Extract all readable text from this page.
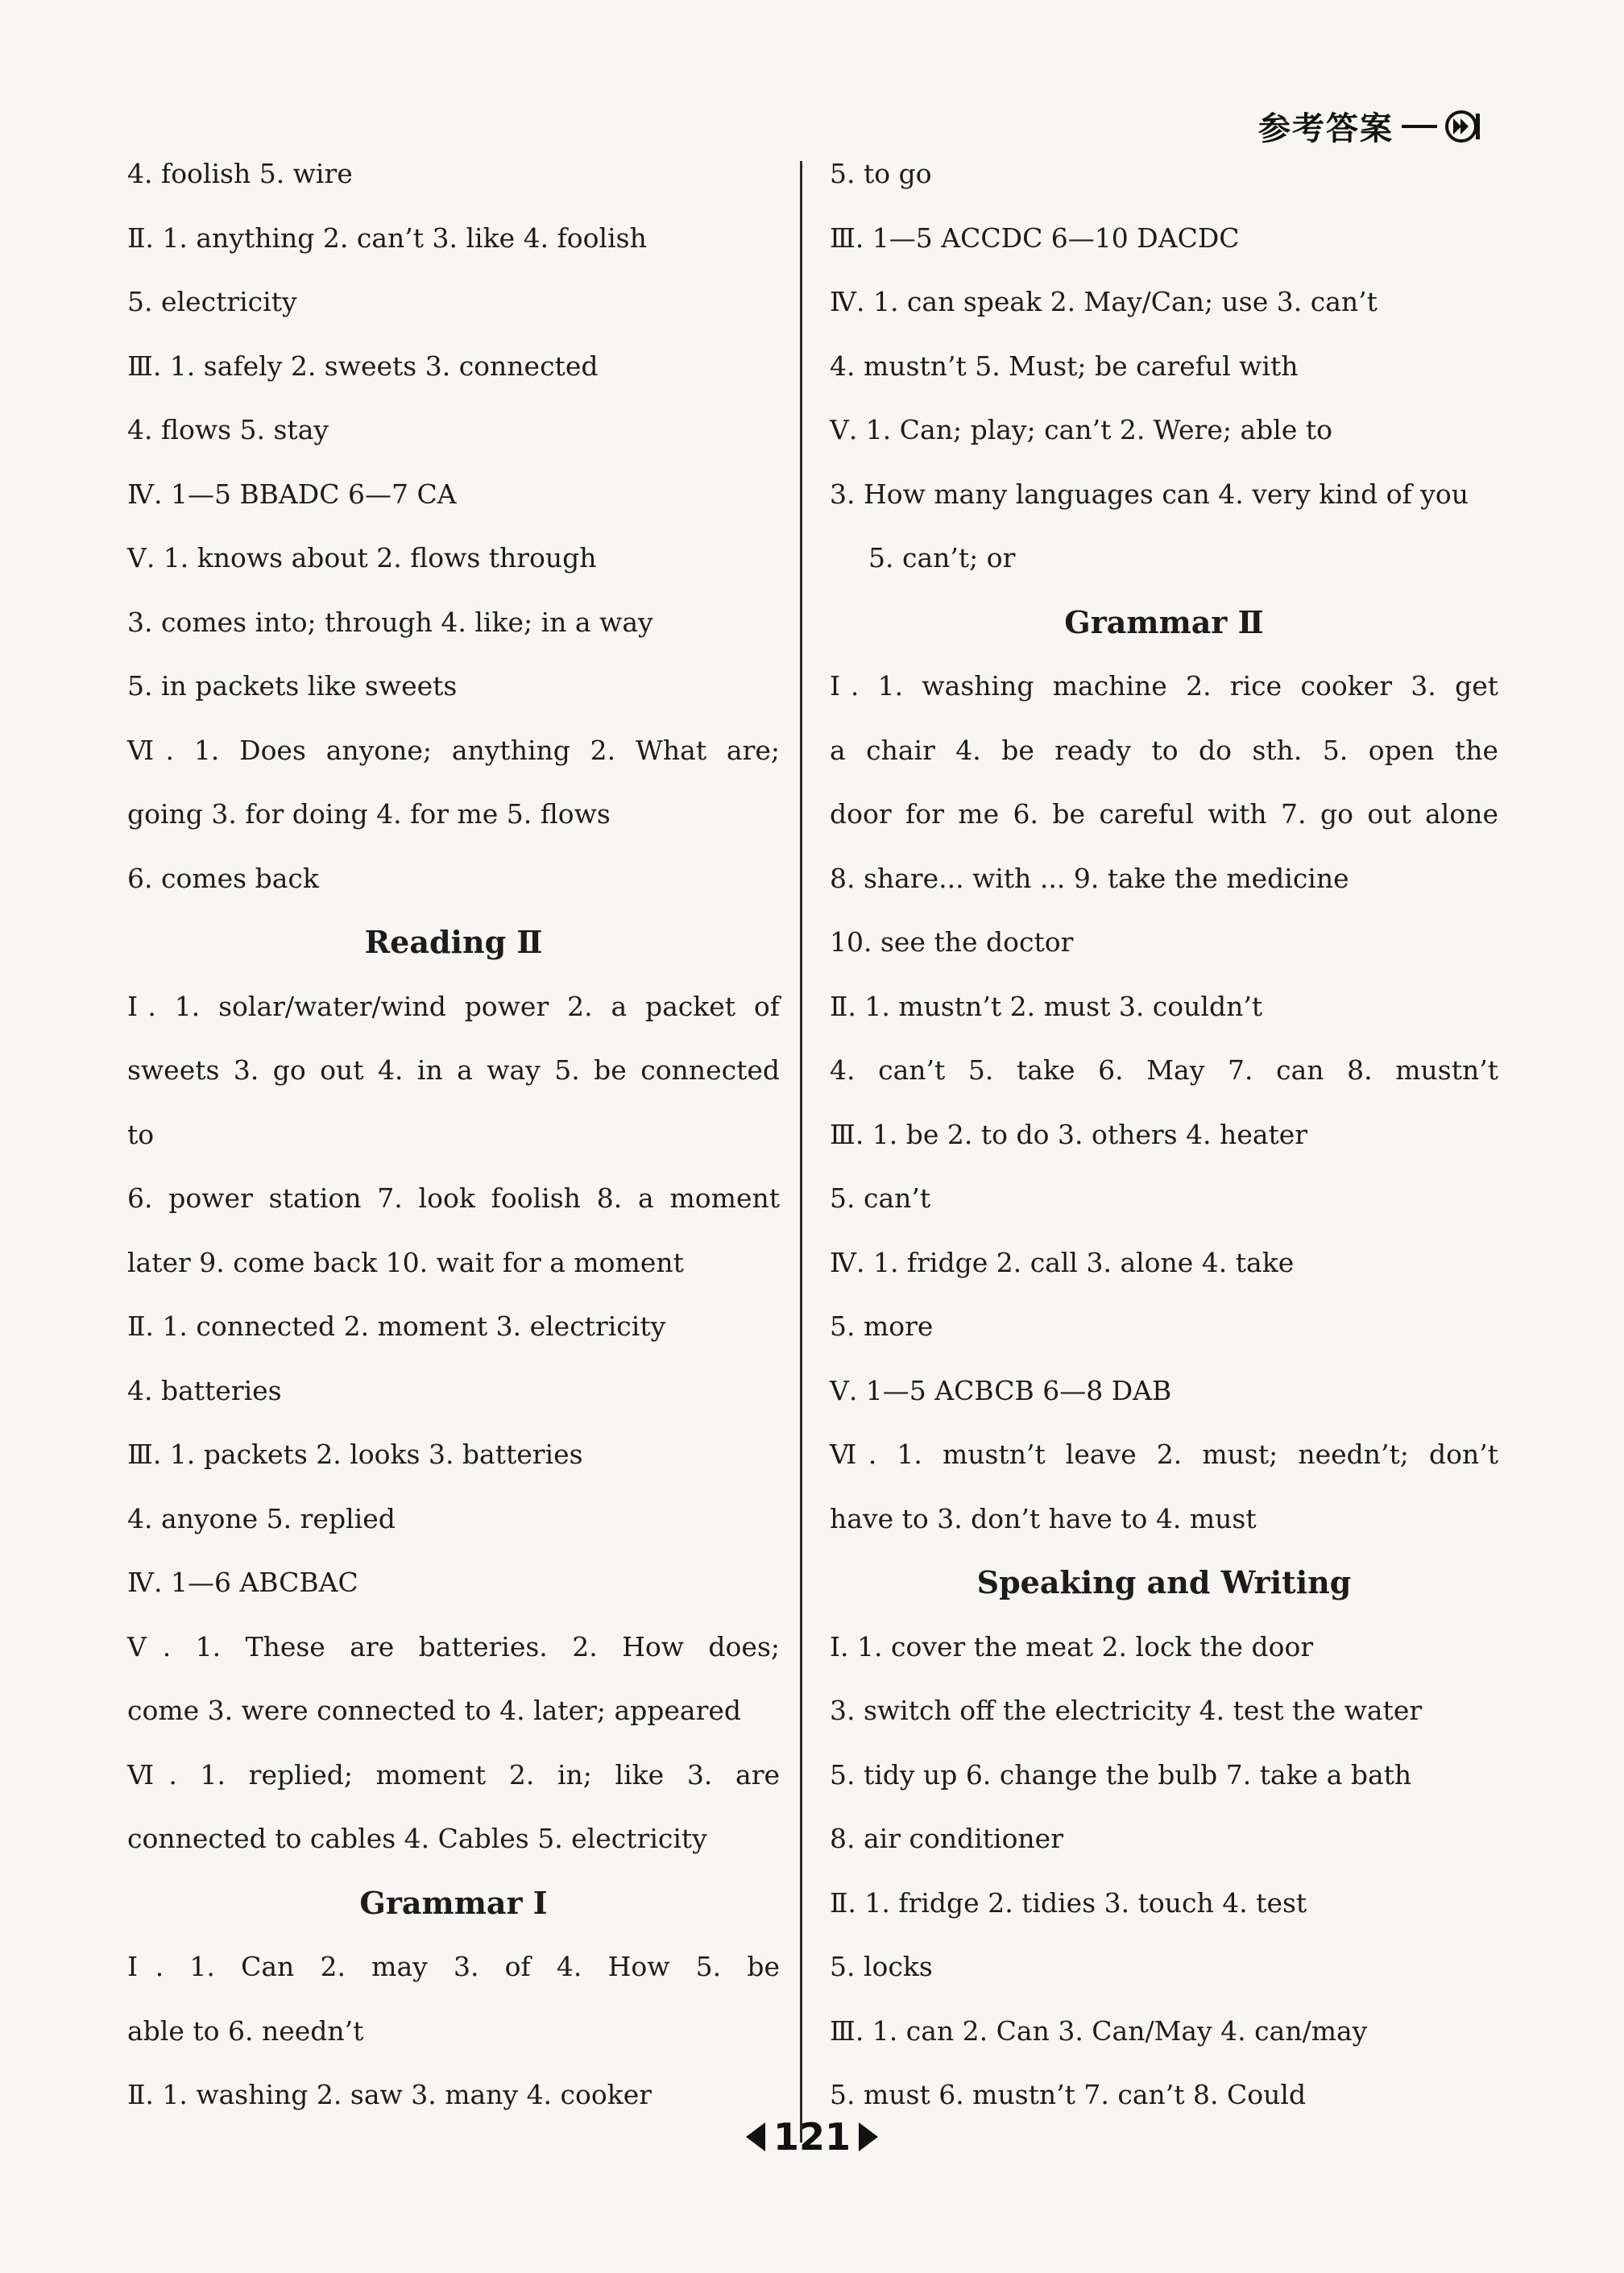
参考答案
4. foolish 5. wire
Ⅱ. 1. anything 2. can’t 3. like 4. foolish
5. electricity
Ⅲ. 1. safely 2. sweets 3. connected
4. flows 5. stay
Ⅳ. 1—5 BBADC 6—7 CA
Ⅴ. 1. knows about 2. flows through
3. comes into; through 4. like; in a way
5. in packets like sweets
Ⅵ. 1. Does anyone; anything 2. What are;
going 3. for doing 4. for me 5. flows
6. comes back
Reading Ⅱ
Ⅰ. 1. solar/water/wind power 2. a packet of
sweets 3. go out 4. in a way 5. be connected
to
6. power station 7. look foolish 8. a moment
later 9. come back 10. wait for a moment
Ⅱ. 1. connected 2. moment 3. electricity
4. batteries
Ⅲ. 1. packets 2. looks 3. batteries
4. anyone 5. replied
Ⅳ. 1—6 ABCBAC
Ⅴ. 1. These are batteries. 2. How does;
come 3. were connected to 4. later; appeared
Ⅵ. 1. replied; moment 2. in; like 3. are
connected to cables 4. Cables 5. electricity
Grammar Ⅰ
Ⅰ. 1. Can 2. may 3. of 4. How 5. be
able to 6. needn’t
Ⅱ. 1. washing 2. saw 3. many 4. cooker
5. to go
Ⅲ. 1—5 ACCDC 6—10 DACDC
Ⅳ. 1. can speak 2. May/Can; use 3. can’t
4. mustn’t 5. Must; be careful with
Ⅴ. 1. Can; play; can’t 2. Were; able to
3. How many languages can 4. very kind of you
5. can’t; or
Grammar Ⅱ
Ⅰ. 1. washing machine 2. rice cooker 3. get
a chair 4. be ready to do sth. 5. open the
door for me 6. be careful with 7. go out alone
8. share... with ... 9. take the medicine
10. see the doctor
Ⅱ. 1. mustn’t 2. must 3. couldn’t
4. can’t 5. take 6. May 7. can 8. mustn’t
Ⅲ. 1. be 2. to do 3. others 4. heater
5. can’t
Ⅳ. 1. fridge 2. call 3. alone 4. take
5. more
Ⅴ. 1—5 ACBCB 6—8 DAB
Ⅵ. 1. mustn’t leave 2. must; needn’t; don’t
have to 3. don’t have to 4. must
Speaking and Writing
Ⅰ. 1. cover the meat 2. lock the door
3. switch off the electricity 4. test the water
5. tidy up 6. change the bulb 7. take a bath
8. air conditioner
Ⅱ. 1. fridge 2. tidies 3. touch 4. test
5. locks
Ⅲ. 1. can 2. Can 3. Can/May 4. can/may
5. must 6. mustn’t 7. can’t 8. Could
121
